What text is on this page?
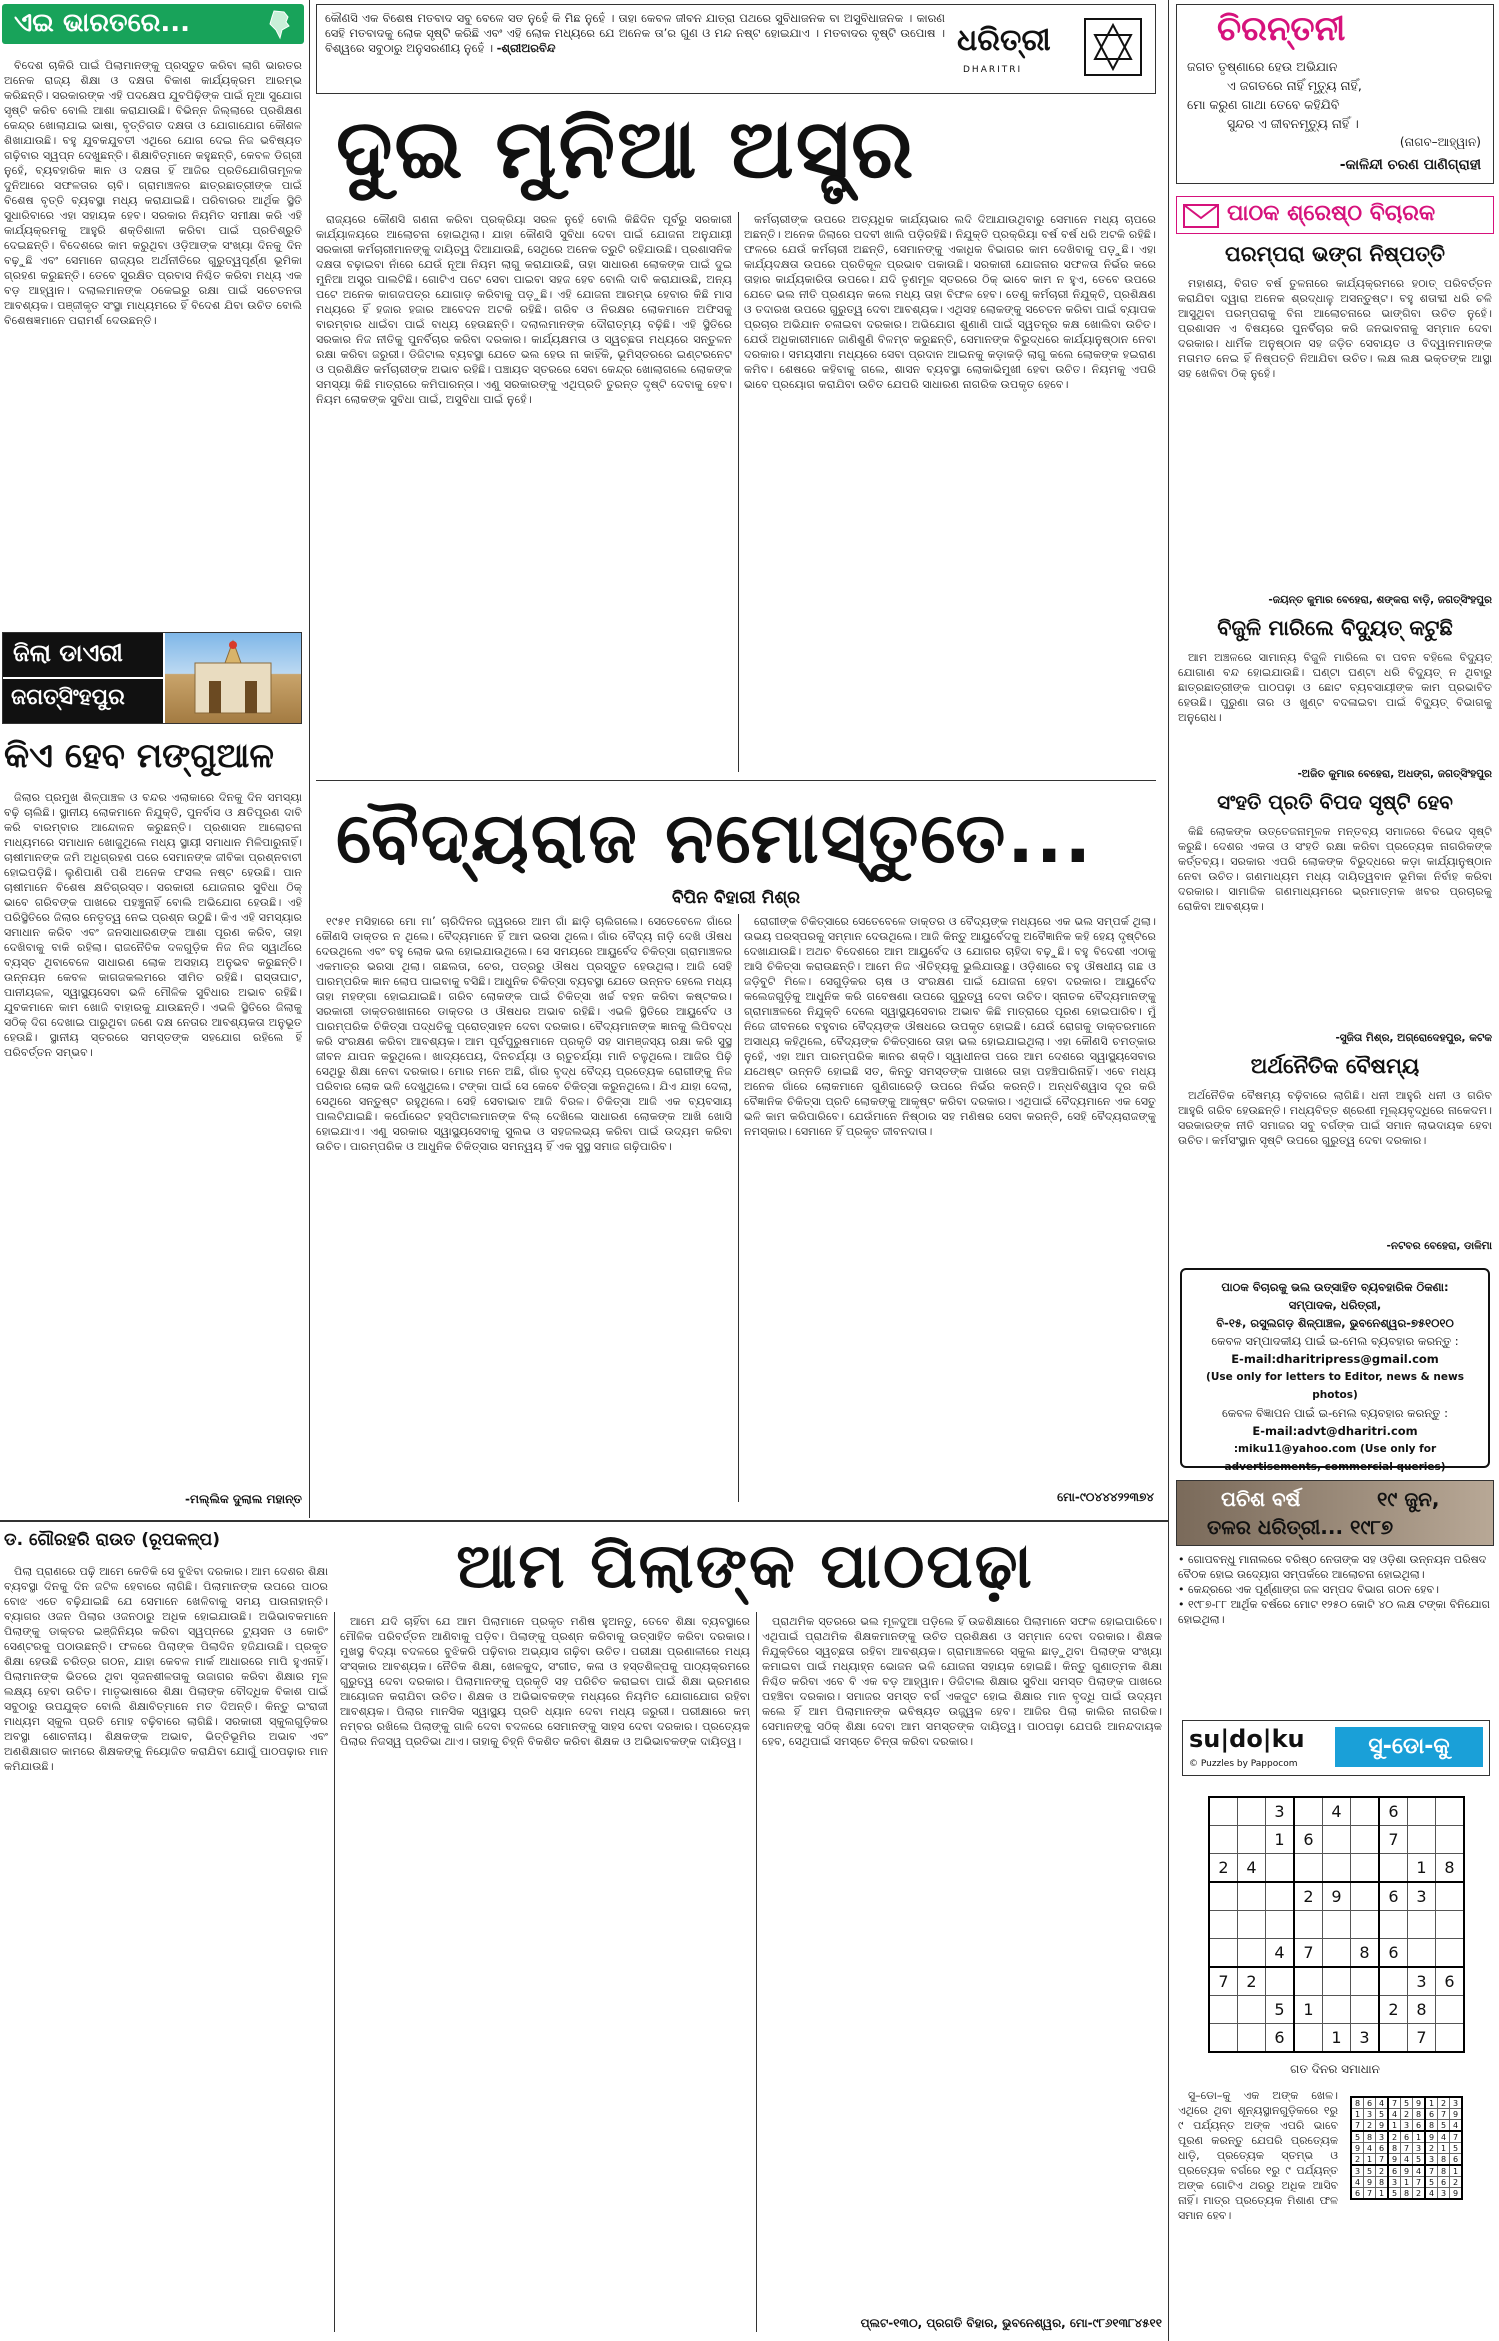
ଏଇ ଭାରତରେ...

ବିଦେଶ ଚାକିରି ପାଇଁ ପିଲାମାନଙ୍କୁ ପ୍ରସ୍ତୁତ କରିବା ଲାଗି ଭାରତର ଅନେକ ରାଜ୍ୟ ଶିକ୍ଷା ଓ ଦକ୍ଷତା ବିକାଶ କାର୍ଯ୍ୟକ୍ରମ ଆରମ୍ଭ କରିଛନ୍ତି। ସରକାରଙ୍କ ଏହି ପଦକ୍ଷେପ ଯୁବପିଢ଼ିଙ୍କ ପାଇଁ ନୂଆ ସୁଯୋଗ ସୃଷ୍ଟି କରିବ ବୋଲି ଆଶା କରାଯାଉଛି। ବିଭିନ୍ନ ଜିଲ୍ଲାରେ ପ୍ରଶିକ୍ଷଣ କେନ୍ଦ୍ର ଖୋଲାଯାଇ ଭାଷା, ବୃତ୍ତିଗତ ଦକ୍ଷତା ଓ ଯୋଗାଯୋଗ କୌଶଳ ଶିଖାଯାଉଛି। ବହୁ ଯୁବକଯୁବତୀ ଏଥିରେ ଯୋଗ ଦେଇ ନିଜ ଭବିଷ୍ୟତ ଗଢ଼ିବାର ସ୍ୱପ୍ନ ଦେଖୁଛନ୍ତି। ଶିକ୍ଷାବିତ୍‌ମାନେ କହୁଛନ୍ତି, କେବଳ ଡିଗ୍ରୀ ନୁହେଁ, ବ୍ୟବହାରିକ ଜ୍ଞାନ ଓ ଦକ୍ଷତା ହିଁ ଆଜିର ପ୍ରତିଯୋଗିତାମୂଳକ ଦୁନିଆରେ ସଫଳତାର ଚାବି। ଗ୍ରାମାଞ୍ଚଳର ଛାତ୍ରଛାତ୍ରୀଙ୍କ ପାଇଁ ବିଶେଷ ବୃତ୍ତି ବ୍ୟବସ୍ଥା ମଧ୍ୟ କରାଯାଇଛି। ପରିବାରର ଆର୍ଥିକ ସ୍ଥିତି ସୁଧାରିବାରେ ଏହା ସହାୟକ ହେବ। ସରକାର ନିୟମିତ ସମୀକ୍ଷା କରି ଏହି କାର୍ଯ୍ୟକ୍ରମକୁ ଆହୁରି ଶକ୍ତିଶାଳୀ କରିବା ପାଇଁ ପ୍ରତିଶ୍ରୁତି ଦେଇଛନ୍ତି। ବିଦେଶରେ କାମ କରୁଥିବା ଓଡ଼ିଆଙ୍କ ସଂଖ୍ୟା ଦିନକୁ ଦିନ ବଢ଼ୁଛି ଏବଂ ସେମାନେ ରାଜ୍ୟର ଅର୍ଥନୀତିରେ ଗୁରୁତ୍ୱପୂର୍ଣ୍ଣ ଭୂମିକା ଗ୍ରହଣ କରୁଛନ୍ତି। ତେବେ ସୁରକ୍ଷିତ ପ୍ରବାସ ନିଶ୍ଚିତ କରିବା ମଧ୍ୟ ଏକ ବଡ଼ ଆହ୍ୱାନ। ଦଲାଲମାନଙ୍କ ଠକେଇରୁ ରକ୍ଷା ପାଇଁ ସଚେତନତା ଆବଶ୍ୟକ। ପଞ୍ଜୀକୃତ ସଂସ୍ଥା ମାଧ୍ୟମରେ ହିଁ ବିଦେଶ ଯିବା ଉଚିତ ବୋଲି ବିଶେଷଜ୍ଞମାନେ ପରାମର୍ଶ ଦେଉଛନ୍ତି।

ଜିଲା ଡାଏରୀ
ଜଗତ୍‌ସିଂହପୁର
କିଏ ହେବ ମଙ୍ଗୁଆଳ

ଜିଲାର ପ୍ରମୁଖ ଶିଳ୍ପାଞ୍ଚଳ ଓ ବନ୍ଦର ଏଲାକାରେ ଦିନକୁ ଦିନ ସମସ୍ୟା ବଢ଼ି ଚାଲିଛି। ସ୍ଥାନୀୟ ଲୋକମାନେ ନିଯୁକ୍ତି, ପୁନର୍ବାସ ଓ କ୍ଷତିପୂରଣ ଦାବି କରି ବାରମ୍ବାର ଆନ୍ଦୋଳନ କରୁଛନ୍ତି। ପ୍ରଶାସନ ଆଲୋଚନା ମାଧ୍ୟମରେ ସମାଧାନ ଖୋଜୁଥିଲେ ମଧ୍ୟ ସ୍ଥାୟୀ ସମାଧାନ ମିଳିପାରୁନାହିଁ। ଚାଷୀମାନଙ୍କ ଜମି ଅଧିଗ୍ରହଣ ପରେ ସେମାନଙ୍କ ଜୀବିକା ପ୍ରଶ୍ନବାଚୀ ହୋଇପଡ଼ିଛି। ଲୁଣିପାଣି ପଶି ଅନେକ ଫସଲ ନଷ୍ଟ ହେଉଛି। ପାନ ଚାଷୀମାନେ ବିଶେଷ କ୍ଷତିଗ୍ରସ୍ତ। ସରକାରୀ ଯୋଜନାର ସୁବିଧା ଠିକ୍ ଭାବେ ଗରିବଙ୍କ ପାଖରେ ପହଞ୍ଚୁନାହିଁ ବୋଲି ଅଭିଯୋଗ ହେଉଛି। ଏହି ପରିସ୍ଥିତିରେ ଜିଲାର ନେତୃତ୍ୱ ନେଇ ପ୍ରଶ୍ନ ଉଠୁଛି। କିଏ ଏହି ସମସ୍ୟାର ସମାଧାନ କରିବ ଏବଂ ଜନସାଧାରଣଙ୍କ ଆଶା ପୂରଣ କରିବ, ତାହା ଦେଖିବାକୁ ବାକି ରହିଲା। ରାଜନୈତିକ ଦଳଗୁଡ଼ିକ ନିଜ ନିଜ ସ୍ୱାର୍ଥରେ ବ୍ୟସ୍ତ ଥିବାବେଳେ ସାଧାରଣ ଲୋକ ଅସହାୟ ଅନୁଭବ କରୁଛନ୍ତି। ଉନ୍ନୟନ କେବଳ କାଗଜକଲମରେ ସୀମିତ ରହିଛି। ରାସ୍ତାଘାଟ, ପାନୀୟଜଳ, ସ୍ୱାସ୍ଥ୍ୟସେବା ଭଳି ମୌଳିକ ସୁବିଧାର ଅଭାବ ରହିଛି। ଯୁବକମାନେ କାମ ଖୋଜି ବାହାରକୁ ଯାଉଛନ୍ତି। ଏଭଳି ସ୍ଥିତିରେ ଜିଲାକୁ ସଠିକ୍ ଦିଗ ଦେଖାଇ ପାରୁଥିବା ଜଣେ ଦକ୍ଷ ନେତାର ଆବଶ୍ୟକତା ଅନୁଭୂତ ହେଉଛି। ସ୍ଥାନୀୟ ସ୍ତରରେ ସମସ୍ତଙ୍କ ସହଯୋଗ ରହିଲେ ହିଁ ପରିବର୍ତ୍ତନ ସମ୍ଭବ।

-ମଲ୍ଲିକ ଦୁଲାଲ ମହାନ୍ତ
କୌଣସି ଏକ ବିଶେଷ ମତବାଦ ସବୁ ବେଳେ ସତ ନୁହେଁ କି ମିଛ ନୁହେଁ । ତାହା କେବଳ ଜୀବନ ଯାତ୍ରା ପଥରେ ସୁବିଧାଜନକ ବା ଅସୁବିଧାଜନକ । କାରଣ ସେହି ମତବାଦକୁ ଲୋକ ସୃଷ୍ଟି କରିଛି ଏବଂ ଏହି ଲୋକ ମଧ୍ୟରେ ଯେ ଅନେକ ତା’ର ଗୁଣ ଓ ମନ୍ଦ ନଷ୍ଟ ହୋଇଯାଏ । ମତବାଦର ବୃଷ୍ଟି ଉପୋଷ । ବିଶ୍ୱରେ ସବୁଠାରୁ ଅନୁସରଣୀୟ ନୁହେଁ । -ଶ୍ରୀଅରବିନ୍ଦ	ଧରିତ୍ରୀ
DHARITRI
ଦୁଇ ମୁନିଆ ଅସ୍ତ୍ର

ରାଜ୍ୟରେ କୌଣସି ଗଣନା କରିବା ପ୍ରକ୍ରିୟା ସରଳ ନୁହେଁ ବୋଲି କିଛିଦିନ ପୂର୍ବରୁ ସରକାରୀ କାର୍ଯ୍ୟାଳୟରେ ଆଲୋଚନା ହୋଇଥିଲା। ଯାହା କୌଣସି ସୁବିଧା ଦେବା ପାଇଁ ଯୋଜନା ଅନୁଯାୟୀ ସରକାରୀ କର୍ମଚାରୀମାନଙ୍କୁ ଦାୟିତ୍ୱ ଦିଆଯାଉଛି, ସେଥିରେ ଅନେକ ତ୍ରୁଟି ରହିଯାଉଛି। ପ୍ରଶାସନିକ ଦକ୍ଷତା ବଢ଼ାଇବା ନାଁରେ ଯେଉଁ ନୂଆ ନିୟମ ଲାଗୁ କରାଯାଉଛି, ତାହା ସାଧାରଣ ଲୋକଙ୍କ ପାଇଁ ଦୁଇ ମୁନିଆ ଅସ୍ତ୍ର ପାଲଟିଛି। ଗୋଟିଏ ପଟେ ସେବା ପାଇବା ସହଜ ହେବ ବୋଲି ଦାବି କରାଯାଉଛି, ଅନ୍ୟ ପଟେ ଅନେକ କାଗଜପତ୍ର ଯୋଗାଡ଼ କରିବାକୁ ପଡ଼ୁଛି। ଏହି ଯୋଜନା ଆରମ୍ଭ ହେବାର କିଛି ମାସ ମଧ୍ୟରେ ହିଁ ହଜାର ହଜାର ଆବେଦନ ଅଟକି ରହିଛି। ଗରିବ ଓ ନିରକ୍ଷର ଲୋକମାନେ ଅଫିସକୁ ବାରମ୍ବାର ଧାଇଁବା ପାଇଁ ବାଧ୍ୟ ହେଉଛନ୍ତି। ଦଲାଲମାନଙ୍କ ଦୌରାତ୍ମ୍ୟ ବଢ଼ିଛି। ଏହି ସ୍ଥିତିରେ ସରକାର ନିଜ ନୀତିକୁ ପୁନର୍ବିଚାର କରିବା ଦରକାର। କାର୍ଯ୍ୟକ୍ଷମତା ଓ ସ୍ୱଚ୍ଛତା ମଧ୍ୟରେ ସନ୍ତୁଳନ ରକ୍ଷା କରିବା ଜରୁରୀ। ଡିଜିଟାଲ ବ୍ୟବସ୍ଥା ଯେତେ ଭଲ ହେଉ ନା କାହିଁକି, ଭୂମିସ୍ତରରେ ଇଣ୍ଟରନେଟ ଓ ପ୍ରଶିକ୍ଷିତ କର୍ମଚାରୀଙ୍କ ଅଭାବ ରହିଛି। ପଞ୍ଚାୟତ ସ୍ତରରେ ସେବା କେନ୍ଦ୍ର ଖୋଲାଗଲେ ଲୋକଙ୍କ ସମସ୍ୟା କିଛି ମାତ୍ରାରେ କମିପାରନ୍ତା। ଏଣୁ ସରକାରଙ୍କୁ ଏଥିପ୍ରତି ତୁରନ୍ତ ଦୃଷ୍ଟି ଦେବାକୁ ହେବ। ନିୟମ ଲୋକଙ୍କ ସୁବିଧା ପାଇଁ, ଅସୁବିଧା ପାଇଁ ନୁହେଁ।

କର୍ମଚାରୀଙ୍କ ଉପରେ ଅତ୍ୟଧିକ କାର୍ଯ୍ୟଭାର ଲଦି ଦିଆଯାଉଥିବାରୁ ସେମାନେ ମଧ୍ୟ ଚାପରେ ଅଛନ୍ତି। ଅନେକ ଜିଲାରେ ପଦବୀ ଖାଲି ପଡ଼ିରହିଛି। ନିଯୁକ୍ତି ପ୍ରକ୍ରିୟା ବର୍ଷ ବର୍ଷ ଧରି ଅଟକି ରହିଛି। ଫଳରେ ଯେଉଁ କର୍ମଚାରୀ ଅଛନ୍ତି, ସେମାନଙ୍କୁ ଏକାଧିକ ବିଭାଗର କାମ ଦେଖିବାକୁ ପଡ଼ୁଛି। ଏହା କାର୍ଯ୍ୟଦକ୍ଷତା ଉପରେ ପ୍ରତିକୂଳ ପ୍ରଭାବ ପକାଉଛି। ସରକାରୀ ଯୋଜନାର ସଫଳତା ନିର୍ଭର କରେ ତାହାର କାର୍ଯ୍ୟକାରିତା ଉପରେ। ଯଦି ତୃଣମୂଳ ସ୍ତରରେ ଠିକ୍ ଭାବେ କାମ ନ ହୁଏ, ତେବେ ଉପରେ ଯେତେ ଭଲ ନୀତି ପ୍ରଣୟନ କଲେ ମଧ୍ୟ ତାହା ବିଫଳ ହେବ। ତେଣୁ କର୍ମଚାରୀ ନିଯୁକ୍ତି, ପ୍ରଶିକ୍ଷଣ ଓ ତଦାରଖ ଉପରେ ଗୁରୁତ୍ୱ ଦେବା ଆବଶ୍ୟକ। ଏଥିସହ ଲୋକଙ୍କୁ ସଚେତନ କରିବା ପାଇଁ ବ୍ୟାପକ ପ୍ରଚାର ଅଭିଯାନ ଚଳାଇବା ଦରକାର। ଅଭିଯୋଗ ଶୁଣାଣି ପାଇଁ ସ୍ୱତନ୍ତ୍ର କକ୍ଷ ଖୋଲିବା ଉଚିତ। ଯେଉଁ ଅଧିକାରୀମାନେ ଜାଣିଶୁଣି ବିଳମ୍ବ କରୁଛନ୍ତି, ସେମାନଙ୍କ ବିରୁଦ୍ଧରେ କାର୍ଯ୍ୟାନୁଷ୍ଠାନ ନେବା ଦରକାର। ସମୟସୀମା ମଧ୍ୟରେ ସେବା ପ୍ରଦାନ ଆଇନକୁ କଡ଼ାକଡ଼ି ଲାଗୁ କଲେ ଲୋକଙ୍କ ହଇରାଣ କମିବ। ଶେଷରେ କହିବାକୁ ଗଲେ, ଶାସନ ବ୍ୟବସ୍ଥା ଲୋକାଭିମୁଖୀ ହେବା ଉଚିତ। ନିୟମକୁ ଏପରି ଭାବେ ପ୍ରୟୋଗ କରାଯିବା ଉଚିତ ଯେପରି ସାଧାରଣ ନାଗରିକ ଉପକୃତ ହେବେ।

ବୈଦ୍ୟରାଜ ନମୋସ୍ତୁତେ...
ବିପିନ ବିହାରୀ ମିଶ୍ର

୧୯୫୧ ମସିହାରେ ମୋ ମା’ ଚାରିଦିନର ଜ୍ୱରରେ ଆମ ଗାଁ ଛାଡ଼ି ଚାଲିଗଲେ। ସେତେବେଳେ ଗାଁରେ କୌଣସି ଡାକ୍ତର ନ ଥିଲେ। ବୈଦ୍ୟମାନେ ହିଁ ଆମ ଭରସା ଥିଲେ। ଗାଁର ବୈଦ୍ୟ ନାଡ଼ି ଦେଖି ଔଷଧ ଦେଉଥିଲେ ଏବଂ ବହୁ ଲୋକ ଭଲ ହୋଇଯାଉଥିଲେ। ସେ ସମୟରେ ଆୟୁର୍ବେଦ ଚିକିତ୍ସା ଗ୍ରାମାଞ୍ଚଳର ଏକମାତ୍ର ଭରସା ଥିଲା। ଗଛଲତା, ଚେର, ପତ୍ରରୁ ଔଷଧ ପ୍ରସ୍ତୁତ ହେଉଥିଲା। ଆଜି ସେହି ପାରମ୍ପରିକ ଜ୍ଞାନ ଲୋପ ପାଇବାକୁ ବସିଛି। ଆଧୁନିକ ଚିକିତ୍ସା ବ୍ୟବସ୍ଥା ଯେତେ ଉନ୍ନତ ହେଲେ ମଧ୍ୟ ତାହା ମହଙ୍ଗା ହୋଇଯାଇଛି। ଗରିବ ଲୋକଙ୍କ ପାଇଁ ଚିକିତ୍ସା ଖର୍ଚ୍ଚ ବହନ କରିବା କଷ୍ଟକର। ସରକାରୀ ଡାକ୍ତରଖାନାରେ ଡାକ୍ତର ଓ ଔଷଧର ଅଭାବ ରହିଛି। ଏଭଳି ସ୍ଥିତିରେ ଆୟୁର୍ବେଦ ଓ ପାରମ୍ପରିକ ଚିକିତ୍ସା ପଦ୍ଧତିକୁ ପ୍ରୋତ୍ସାହନ ଦେବା ଦରକାର। ବୈଦ୍ୟମାନଙ୍କ ଜ୍ଞାନକୁ ଲିପିବଦ୍ଧ କରି ସଂରକ୍ଷଣ କରିବା ଆବଶ୍ୟକ। ଆମ ପୂର୍ବପୁରୁଷମାନେ ପ୍ରକୃତି ସହ ସାମଞ୍ଜସ୍ୟ ରକ୍ଷା କରି ସୁସ୍ଥ ଜୀବନ ଯାପନ କରୁଥିଲେ। ଖାଦ୍ୟପେୟ, ଦିନଚର୍ଯ୍ୟା ଓ ଋତୁଚର୍ଯ୍ୟା ମାନି ଚଳୁଥିଲେ। ଆଜିର ପିଢ଼ି ସେଥିରୁ ଶିକ୍ଷା ନେବା ଦରକାର। ମୋର ମନେ ଅଛି, ଗାଁର ବୃଦ୍ଧ ବୈଦ୍ୟ ପ୍ରତ୍ୟେକ ରୋଗୀଙ୍କୁ ନିଜ ପରିବାର ଲୋକ ଭଳି ଦେଖୁଥିଲେ। ଟଙ୍କା ପାଇଁ ସେ କେବେ ଚିକିତ୍ସା କରୁନଥିଲେ। ଯିଏ ଯାହା ଦେଲା, ସେଥିରେ ସନ୍ତୁଷ୍ଟ ରହୁଥିଲେ। ସେହି ସେବାଭାବ ଆଜି ବିରଳ। ଚିକିତ୍ସା ଆଜି ଏକ ବ୍ୟବସାୟ ପାଲଟିଯାଇଛି। କର୍ପୋରେଟ ହସ୍ପିଟାଲମାନଙ୍କ ବିଲ୍ ଦେଖିଲେ ସାଧାରଣ ଲୋକଙ୍କ ଆଖି ଖୋସି ହୋଇଯାଏ। ଏଣୁ ସରକାର ସ୍ୱାସ୍ଥ୍ୟସେବାକୁ ସୁଲଭ ଓ ସହଜଲଭ୍ୟ କରିବା ପାଇଁ ଉଦ୍ୟମ କରିବା ଉଚିତ। ପାରମ୍ପରିକ ଓ ଆଧୁନିକ ଚିକିତ୍ସାର ସମନ୍ୱୟ ହିଁ ଏକ ସୁସ୍ଥ ସମାଜ ଗଢ଼ିପାରିବ।

ରୋଗୀଙ୍କ ଚିକିତ୍ସାରେ ସେତେବେଳେ ଡାକ୍ତର ଓ ବୈଦ୍ୟଙ୍କ ମଧ୍ୟରେ ଏକ ଭଲ ସମ୍ପର୍କ ଥିଲା। ଉଭୟ ପରସ୍ପରକୁ ସମ୍ମାନ ଦେଉଥିଲେ। ଆଜି କିନ୍ତୁ ଆୟୁର୍ବେଦକୁ ଅବୈଜ୍ଞାନିକ କହି ହେୟ ଦୃଷ୍ଟିରେ ଦେଖାଯାଉଛି। ଅଥଚ ବିଦେଶରେ ଆମ ଆୟୁର୍ବେଦ ଓ ଯୋଗର ଚାହିଦା ବଢ଼ୁଛି। ବହୁ ବିଦେଶୀ ଏଠାକୁ ଆସି ଚିକିତ୍ସା କରାଉଛନ୍ତି। ଆମେ ନିଜ ଐତିହ୍ୟକୁ ଭୁଲିଯାଉଛୁ। ଓଡ଼ିଶାରେ ବହୁ ଔଷଧୀୟ ଗଛ ଓ ଜଡ଼ିବୁଟି ମିଳେ। ସେଗୁଡ଼ିକର ଚାଷ ଓ ସଂରକ୍ଷଣ ପାଇଁ ଯୋଜନା ହେବା ଦରକାର। ଆୟୁର୍ବେଦ କଲେଜଗୁଡ଼ିକୁ ଆଧୁନିକ କରି ଗବେଷଣା ଉପରେ ଗୁରୁତ୍ୱ ଦେବା ଉଚିତ। ସ୍ନାତକ ବୈଦ୍ୟମାନଙ୍କୁ ଗ୍ରାମାଞ୍ଚଳରେ ନିଯୁକ୍ତି ଦେଲେ ସ୍ୱାସ୍ଥ୍ୟସେବାର ଅଭାବ କିଛି ମାତ୍ରାରେ ପୂରଣ ହୋଇପାରିବ। ମୁଁ ନିଜେ ଜୀବନରେ ବହୁବାର ବୈଦ୍ୟଙ୍କ ଔଷଧରେ ଉପକୃତ ହୋଇଛି। ଯେଉଁ ରୋଗକୁ ଡାକ୍ତରମାନେ ଅସାଧ୍ୟ କହିଥିଲେ, ବୈଦ୍ୟଙ୍କ ଚିକିତ୍ସାରେ ତାହା ଭଲ ହୋଇଯାଇଥିଲା। ଏହା କୌଣସି ଚମତ୍କାର ନୁହେଁ, ଏହା ଆମ ପାରମ୍ପରିକ ଜ୍ଞାନର ଶକ୍ତି। ସ୍ୱାଧୀନତା ପରେ ଆମ ଦେଶରେ ସ୍ୱାସ୍ଥ୍ୟସେବାର ଯଥେଷ୍ଟ ଉନ୍ନତି ହୋଇଛି ସତ, କିନ୍ତୁ ସମସ୍ତଙ୍କ ପାଖରେ ତାହା ପହଞ୍ଚିପାରିନାହିଁ। ଏବେ ମଧ୍ୟ ଅନେକ ଗାଁରେ ଲୋକମାନେ ଗୁଣିଗାରେଡ଼ି ଉପରେ ନିର୍ଭର କରନ୍ତି। ଅନ୍ଧବିଶ୍ୱାସ ଦୂର କରି ବୈଜ୍ଞାନିକ ଚିକିତ୍ସା ପ୍ରତି ଲୋକଙ୍କୁ ଆକୃଷ୍ଟ କରିବା ଦରକାର। ଏଥିପାଇଁ ବୈଦ୍ୟମାନେ ଏକ ସେତୁ ଭଳି କାମ କରିପାରିବେ। ଯେଉଁମାନେ ନିଷ୍ଠାର ସହ ମଣିଷର ସେବା କରନ୍ତି, ସେହି ବୈଦ୍ୟରାଜଙ୍କୁ ନମସ୍କାର। ସେମାନେ ହିଁ ପ୍ରକୃତ ଜୀବନଦାତା।

ମୋ-୯୦୪୪୪୨୨୩୭୪
ଚିରନ୍ତନୀ
ଜଗତ ତୃଷ୍ଣାରେ ହେଉ ଅଭିଯାନ
ଏ ଜଗତରେ ନାହିଁ ମୃତ୍ୟୁ ନାହିଁ,
ମୋ କରୁଣ ଗାଥା ତେବେ କହିଯିବି
ସୁନ୍ଦର ଏ ଜୀବନମୃତ୍ୟୁ ନାହିଁ ।
(ନାଗବ–ଆହ୍ୱାନ)
-କାଳିନ୍ଦୀ ଚରଣ ପାଣିଗ୍ରାହୀ
ପାଠକ ଶ୍ରେଷ୍ଠ ବିଚାରକ
ପରମ୍ପରା ଭଙ୍ଗ ନିଷ୍ପତ୍ତି

ମହାଶୟ, ବିଗତ ବର୍ଷ ତୁଳନାରେ କାର୍ଯ୍ୟକ୍ରମରେ ହଠାତ୍ ପରିବର୍ତ୍ତନ କରାଯିବା ଦ୍ୱାରା ଅନେକ ଶ୍ରଦ୍ଧାଳୁ ଅସନ୍ତୁଷ୍ଟ। ବହୁ ଶତାବ୍ଦୀ ଧରି ଚଳି ଆସୁଥିବା ପରମ୍ପରାକୁ ବିନା ଆଲୋଚନାରେ ଭାଙ୍ଗିବା ଉଚିତ ନୁହେଁ। ପ୍ରଶାସନ ଏ ବିଷୟରେ ପୁନର୍ବିଚାର କରି ଜନଭାବନାକୁ ସମ୍ମାନ ଦେବା ଦରକାର। ଧାର୍ମିକ ଅନୁଷ୍ଠାନ ସହ ଜଡ଼ିତ ସେବାୟତ ଓ ବିଦ୍ୱାନମାନଙ୍କ ମତାମତ ନେଇ ହିଁ ନିଷ୍ପତ୍ତି ନିଆଯିବା ଉଚିତ। ଲକ୍ଷ ଲକ୍ଷ ଭକ୍ତଙ୍କ ଆସ୍ଥା ସହ ଖେଳିବା ଠିକ୍ ନୁହେଁ।

-ଜୟନ୍ତ କୁମାର ବେହେରା, ଶଙ୍କରା ବାଡ଼ି, ଜଗତ୍‌ସିଂହପୁର
ବିଜୁଳି ମାରିଲେ ବିଦ୍ୟୁତ୍ କଟୁଛି

ଆମ ଅଞ୍ଚଳରେ ସାମାନ୍ୟ ବିଜୁଳି ମାରିଲେ ବା ପବନ ବହିଲେ ବିଦ୍ୟୁତ୍ ଯୋଗାଣ ବନ୍ଦ ହୋଇଯାଉଛି। ଘଣ୍ଟା ଘଣ୍ଟା ଧରି ବିଦ୍ୟୁତ୍ ନ ଥିବାରୁ ଛାତ୍ରଛାତ୍ରୀଙ୍କ ପାଠପଢ଼ା ଓ ଛୋଟ ବ୍ୟବସାୟୀଙ୍କ କାମ ପ୍ରଭାବିତ ହେଉଛି। ପୁରୁଣା ତାର ଓ ଖୁଣ୍ଟ ବଦଳାଇବା ପାଇଁ ବିଦ୍ୟୁତ୍ ବିଭାଗକୁ ଅନୁରୋଧ।

-ଅଜିତ କୁମାର ବେହେରା, ଅଧଙ୍ଗ, ଜଗତ୍‌ସିଂହପୁର
ସଂହତି ପ୍ରତି ବିପଦ ସୃଷ୍ଟି ହେବ

କିଛି ଲୋକଙ୍କ ଉତ୍ତେଜନାମୂଳକ ମନ୍ତବ୍ୟ ସମାଜରେ ବିଭେଦ ସୃଷ୍ଟି କରୁଛି। ଦେଶର ଏକତା ଓ ସଂହତି ରକ୍ଷା କରିବା ପ୍ରତ୍ୟେକ ନାଗରିକଙ୍କ କର୍ତ୍ତବ୍ୟ। ସରକାର ଏପରି ଲୋକଙ୍କ ବିରୁଦ୍ଧରେ କଡ଼ା କାର୍ଯ୍ୟାନୁଷ୍ଠାନ ନେବା ଉଚିତ। ଗଣମାଧ୍ୟମ ମଧ୍ୟ ଦାୟିତ୍ୱବାନ ଭୂମିକା ନିର୍ବାହ କରିବା ଦରକାର। ସାମାଜିକ ଗଣମାଧ୍ୟମରେ ଭ୍ରମାତ୍ମକ ଖବର ପ୍ରଚାରକୁ ରୋକିବା ଆବଶ୍ୟକ।

-ସୁଜିତା ମିଶ୍ର, ଅଗ୍ରୋଦେହପୁର, କଟକ
ଅର୍ଥନୈତିକ ବୈଷମ୍ୟ

ଅର୍ଥନୈତିକ ବୈଷମ୍ୟ ବଢ଼ିବାରେ ଲାଗିଛି। ଧନୀ ଆହୁରି ଧନୀ ଓ ଗରିବ ଆହୁରି ଗରିବ ହେଉଛନ୍ତି। ମଧ୍ୟବିତ୍ତ ଶ୍ରେଣୀ ମୂଲ୍ୟବୃଦ୍ଧିରେ ନାକେଦମ। ସରକାରଙ୍କ ନୀତି ସମାଜର ସବୁ ବର୍ଗଙ୍କ ପାଇଁ ସମାନ ଲାଭଦାୟକ ହେବା ଉଚିତ। କର୍ମସଂସ୍ଥାନ ସୃଷ୍ଟି ଉପରେ ଗୁରୁତ୍ୱ ଦେବା ଦରକାର।

-ନଟବର ବେହେରା, ଡାଳିମା
ପାଠକ ବିଚାରକୁ ଭଲ ଉତ୍ସାହିତ ବ୍ୟବହାରିକ ଠିକଣା:
ସମ୍ପାଦକ, ଧରିତ୍ରୀ,
ବି-୧୫, ରସୁଲଗଡ଼ ଶିଳ୍ପାଞ୍ଚଳ, ଭୁବନେଶ୍ୱର-୭୫୧୦୧୦
କେବଳ ସମ୍ପାଦକୀୟ ପାଇଁ ଇ-ମେଲ ବ୍ୟବହାର କରନ୍ତୁ :
E-mail:dharitripress@gmail.com
(Use only for letters to Editor, news & news photos)
କେବଳ ବିଜ୍ଞାପନ ପାଇଁ ଇ-ମେଲ ବ୍ୟବହାର କରନ୍ତୁ :
E-mail:advt@dharitri.com
:miku11@yahoo.com (Use only for
advertisements, commercial queries)
ପଚିଶ ବର୍ଷ	୧୯ ଜୁନ,
ତଳର ଧରିତ୍ରୀ... ୧୯୮୭
• ଗୋପବନ୍ଧୁ ମାନାଲରେ ବରିଷ୍ଠ ନେତାଙ୍କ ସହ ଓଡ଼ିଶା ଉନ୍ନୟନ ପରିଷଦ ବୈଠକ ହୋଇ ଉଦ୍ୟୋଗ ସମ୍ପର୍କରେ ଆଲୋଚନା ହୋଇଥିଲା।
• କେନ୍ଦ୍ରରେ ଏକ ପୂର୍ଣ୍ଣାଙ୍ଗ ଜଳ ସମ୍ପଦ ବିଭାଗ ଗଠନ ହେବ।
• ୧୯୮୭-୮୮ ଆର୍ଥିକ ବର୍ଷରେ ମୋଟ ୧୨୫୦ କୋଟି ୪୦ ଲକ୍ଷ ଟଙ୍କା ବିନିଯୋଗ ହୋଇଥିଲା।
su|do|ku
© Puzzles by Pappocom
ସୁ-ଡୋ-କୁ
		3		4		6		
		1	6			7		
2	4						1	8
			2	9		6	3	

		4	7		8	6		
7	2						3	6
		5	1			2	8	
		6		1	3		7	
ଗତ ଦିନର ସମାଧାନ

ସୁ–ଡୋ–କୁ ଏକ ଅଙ୍କ ଖେଳ। ଏଥିରେ ଥିବା ଶୂନ୍ୟସ୍ଥାନଗୁଡ଼ିକରେ ୧ରୁ ୯ ପର୍ଯ୍ୟନ୍ତ ଅଙ୍କ ଏପରି ଭାବେ ପୂରଣ କରନ୍ତୁ ଯେପରି ପ୍ରତ୍ୟେକ ଧାଡ଼ି, ପ୍ରତ୍ୟେକ ସ୍ତମ୍ଭ ଓ ପ୍ରତ୍ୟେକ ବର୍ଗରେ ୧ରୁ ୯ ପର୍ଯ୍ୟନ୍ତ ଅଙ୍କ ଗୋଟିଏ ଥରରୁ ଅଧିକ ଆସିବ ନାହିଁ। ମାତ୍ର ପ୍ରତ୍ୟେକ ମିଶାଣ ଫଳ ସମାନ ହେବ।

8	6	4	7	5	9	1	2	3
1	3	5	4	2	8	6	7	9
7	2	9	1	3	6	8	5	4
5	8	3	2	6	1	9	4	7
9	4	6	8	7	3	2	1	5
2	1	7	9	4	5	3	8	6
3	5	2	6	9	4	7	8	1
4	9	8	3	1	7	5	6	2
6	7	1	5	8	2	4	3	9
ଡ. ଗୌରହରି ରାଉତ (ରୂପକଳ୍ପ)	ଆମ ପିଲାଙ୍କ ପାଠପଢ଼ା

ପିଲା ପ୍ରାଣରେ ପଢ଼ି ଆମେ କେତିକି ସେ ବୁଝିବା ଦରକାର। ଆମ ଦେଶର ଶିକ୍ଷା ବ୍ୟବସ୍ଥା ଦିନକୁ ଦିନ ଜଟିଳ ହେବାରେ ଲାଗିଛି। ପିଲାମାନଙ୍କ ଉପରେ ପାଠର ବୋଝ ଏତେ ବଢ଼ିଯାଇଛି ଯେ ସେମାନେ ଖେଳିବାକୁ ସମୟ ପାଉନାହାନ୍ତି। ବ୍ୟାଗର ଓଜନ ପିଲାର ଓଜନଠାରୁ ଅଧିକ ହୋଇଯାଉଛି। ଅଭିଭାବକମାନେ ପିଲାଙ୍କୁ ଡାକ୍ତର ଇଞ୍ଜିନିୟର କରିବା ସ୍ୱପ୍ନରେ ଟ୍ୟୁସନ ଓ କୋଚିଂ ସେଣ୍ଟରକୁ ପଠାଉଛନ୍ତି। ଫଳରେ ପିଲାଙ୍କ ପିଲାଦିନ ହଜିଯାଉଛି। ପ୍ରକୃତ ଶିକ୍ଷା ହେଉଛି ଚରିତ୍ର ଗଠନ, ଯାହା କେବଳ ମାର୍କ ଆଧାରରେ ମାପି ହୁଏନାହିଁ। ପିଲାମାନଙ୍କ ଭିତରେ ଥିବା ସୃଜନଶୀଳତାକୁ ଉଜାଗର କରିବା ଶିକ୍ଷାର ମୂଳ ଲକ୍ଷ୍ୟ ହେବା ଉଚିତ। ମାତୃଭାଷାରେ ଶିକ୍ଷା ପିଲାଙ୍କ ବୌଦ୍ଧିକ ବିକାଶ ପାଇଁ ସବୁଠାରୁ ଉପଯୁକ୍ତ ବୋଲି ଶିକ୍ଷାବିତ୍‌ମାନେ ମତ ଦିଅନ୍ତି। କିନ୍ତୁ ଇଂରାଜୀ ମାଧ୍ୟମ ସ୍କୁଲ ପ୍ରତି ମୋହ ବଢ଼ିବାରେ ଲାଗିଛି। ସରକାରୀ ସ୍କୁଲଗୁଡ଼ିକର ଅବସ୍ଥା ଶୋଚନୀୟ। ଶିକ୍ଷକଙ୍କ ଅଭାବ, ଭିତ୍ତିଭୂମିର ଅଭାବ ଏବଂ ଅଣଶିକ୍ଷାଗତ କାମରେ ଶିକ୍ଷକଙ୍କୁ ନିୟୋଜିତ କରାଯିବା ଯୋଗୁଁ ପାଠପଢ଼ାର ମାନ କମିଯାଉଛି।

ଆମେ ଯଦି ଚାହିଁବା ଯେ ଆମ ପିଲାମାନେ ପ୍ରକୃତ ମଣିଷ ହୁଅନ୍ତୁ, ତେବେ ଶିକ୍ଷା ବ୍ୟବସ୍ଥାରେ ମୌଳିକ ପରିବର୍ତ୍ତନ ଆଣିବାକୁ ପଡ଼ିବ। ପିଲାଙ୍କୁ ପ୍ରଶ୍ନ କରିବାକୁ ଉତ୍ସାହିତ କରିବା ଦରକାର। ମୁଖସ୍ଥ ବିଦ୍ୟା ବଦଳରେ ବୁଝିକରି ପଢ଼ିବାର ଅଭ୍ୟାସ ଗଢ଼ିବା ଉଚିତ। ପରୀକ୍ଷା ପ୍ରଣାଳୀରେ ମଧ୍ୟ ସଂସ୍କାର ଆବଶ୍ୟକ। ନୈତିକ ଶିକ୍ଷା, ଖେଳକୁଦ, ସଂଗୀତ, କଳା ଓ ହସ୍ତଶିଳ୍ପକୁ ପାଠ୍ୟକ୍ରମରେ ଗୁରୁତ୍ୱ ଦେବା ଦରକାର। ପିଲାମାନଙ୍କୁ ପ୍ରକୃତି ସହ ପରିଚିତ କରାଇବା ପାଇଁ ଶିକ୍ଷା ଭ୍ରମଣର ଆୟୋଜନ କରାଯିବା ଉଚିତ। ଶିକ୍ଷକ ଓ ଅଭିଭାବକଙ୍କ ମଧ୍ୟରେ ନିୟମିତ ଯୋଗାଯୋଗ ରହିବା ଆବଶ୍ୟକ। ପିଲାର ମାନସିକ ସ୍ୱାସ୍ଥ୍ୟ ପ୍ରତି ଧ୍ୟାନ ଦେବା ମଧ୍ୟ ଜରୁରୀ। ପରୀକ୍ଷାରେ କମ୍ ନମ୍ବର ରଖିଲେ ପିଲାଙ୍କୁ ଗାଳି ଦେବା ବଦଳରେ ସେମାନଙ୍କୁ ସାହସ ଦେବା ଦରକାର। ପ୍ରତ୍ୟେକ ପିଲାର ନିଜସ୍ୱ ପ୍ରତିଭା ଥାଏ। ତାହାକୁ ଚିହ୍ନି ବିକଶିତ କରିବା ଶିକ୍ଷକ ଓ ଅଭିଭାବକଙ୍କ ଦାୟିତ୍ୱ।

ପ୍ରାଥମିକ ସ୍ତରରେ ଭଲ ମୂଳଦୁଆ ପଡ଼ିଲେ ହିଁ ଉଚ୍ଚଶିକ୍ଷାରେ ପିଲାମାନେ ସଫଳ ହୋଇପାରିବେ। ଏଥିପାଇଁ ପ୍ରାଥମିକ ଶିକ୍ଷକମାନଙ୍କୁ ଉଚିତ ପ୍ରଶିକ୍ଷଣ ଓ ସମ୍ମାନ ଦେବା ଦରକାର। ଶିକ୍ଷକ ନିଯୁକ୍ତିରେ ସ୍ୱଚ୍ଛତା ରହିବା ଆବଶ୍ୟକ। ଗ୍ରାମାଞ୍ଚଳରେ ସ୍କୁଲ ଛାଡ଼ୁଥିବା ପିଲାଙ୍କ ସଂଖ୍ୟା କମାଇବା ପାଇଁ ମଧ୍ୟାହ୍ନ ଭୋଜନ ଭଳି ଯୋଜନା ସହାୟକ ହୋଇଛି। କିନ୍ତୁ ଗୁଣାତ୍ମକ ଶିକ୍ଷା ନିଶ୍ଚିତ କରିବା ଏବେ ବି ଏକ ବଡ଼ ଆହ୍ୱାନ। ଡିଜିଟାଲ ଶିକ୍ଷାର ସୁବିଧା ସମସ୍ତ ପିଲାଙ୍କ ପାଖରେ ପହଞ୍ଚିବା ଦରକାର। ସମାଜର ସମସ୍ତ ବର୍ଗ ଏକଜୁଟ ହୋଇ ଶିକ୍ଷାର ମାନ ବୃଦ୍ଧି ପାଇଁ ଉଦ୍ୟମ କଲେ ହିଁ ଆମ ପିଲାମାନଙ୍କ ଭବିଷ୍ୟତ ଉଜ୍ଜ୍ୱଳ ହେବ। ଆଜିର ପିଲା କାଲିର ନାଗରିକ। ସେମାନଙ୍କୁ ସଠିକ୍ ଶିକ୍ଷା ଦେବା ଆମ ସମସ୍ତଙ୍କ ଦାୟିତ୍ୱ। ପାଠପଢ଼ା ଯେପରି ଆନନ୍ଦଦାୟକ ହେବ, ସେଥିପାଇଁ ସମସ୍ତେ ଚିନ୍ତା କରିବା ଦରକାର।

ପ୍ଲଟ-୧୩୦, ପ୍ରଗତି ବିହାର, ଭୁବନେଶ୍ୱର, ମୋ-୯୮୬୧୩୮୪୫୧୧
